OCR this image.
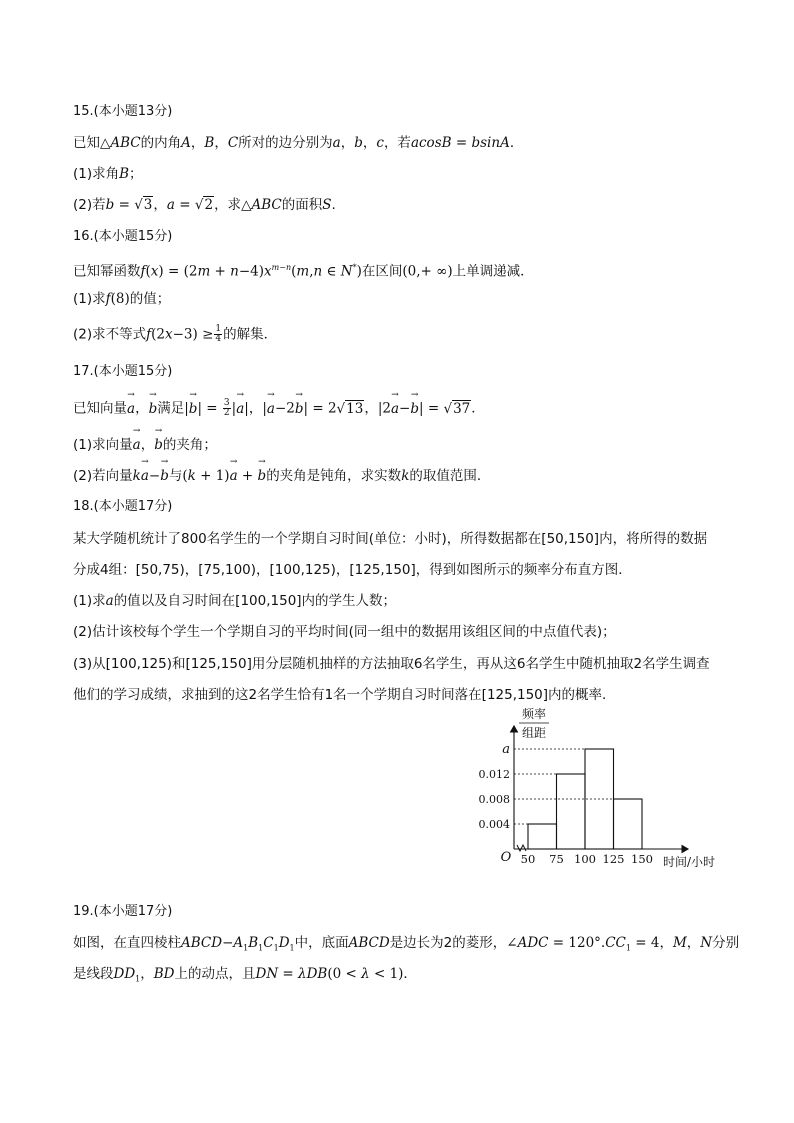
15.(本小题13分)
已知△ABC的内角A，B，C所对的边分别为a，b，c，若acosB = bsinA．
(1)求角B；
(2)若b = √3，a = √2，求△ABC的面积S.
16.(本小题15分)
已知幂函数$f(x) = (2m + n-4)x^{m-n}(m,n$ ∈ N*)在区间(0,+ ∞)上单调递减．
(1)求f(8)的值；
(2)求不等式$f(2x-3) \ge \frac{1}{4}$ 的解集．
17.(本小题15分)
已知向量→ a，→ b满足|→ $b| = \frac{3}{2}$ |→ a|，|→ a−2→ b| = 2√13，|2→ a−→ b| = √37．
(1)求向量→ a，→ b的夹角；
(2)若向量k→ a−→ b与(k + 1)→ a + → b的夹角是钝角，求实数k的取值范围．
18.(本小题17分)
某大学随机统计了800名学生的一个学期自习时间(单位：小时)，所得数据都在[50,150]内，将所得的数据
分成4组：[50,75)，[75,100)，[100,125)，[125,150]，得到如图所示的频率分布直方图．
(1)求a的值以及自习时间在[100,150]内的学生人数；
(2)估计该校每个学生一个学期自习的平均时间(同一组中的数据用该组区间的中点值代表)；
(3)从[100,125)和[125,150]用分层随机抽样的方法抽取6名学生，再从这6名学生中随机抽取2名学生调查
他们的学习成绩，求抽到的这2名学生恰有1名一个学期自习时间落在[125,150]内的概率．
0.004
0.008
0.012
a
50 75 100 125 150
O
频率
组距
时间/小时
19.(本小题17分)
如图，在直四棱柱$ABCD-A_1B_1C_1D_1$中，底面ABCD是边长为2的菱形，∠ADC = $120^\circ.CC_1 = 4$，M，N分别
是线段$DD_1$，BD上的动点，且DN = λDB(0 < λ < 1)．
